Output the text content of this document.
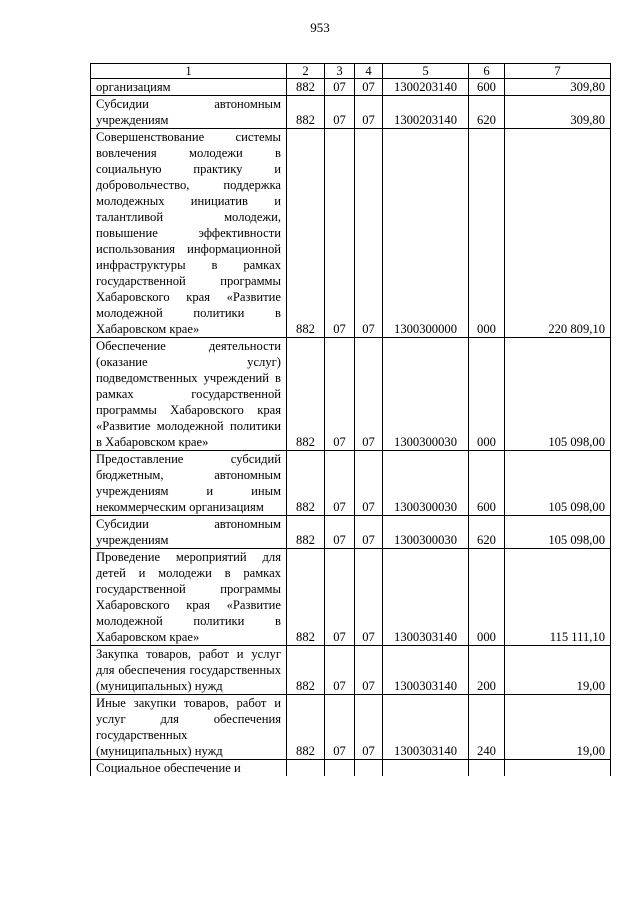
953
1	2	3	4	5	6	7
организациям	882	07	07	1300203140	600	309,80
Субсидии автономным учреждениям	882	07	07	1300203140	620	309,80
Совершенствование системы вовлечения молодежи в социальную практику и добровольчество, поддержка молодежных инициатив и талантливой молодежи, повышение эффективности использования информационной инфраструктуры в рамках государственной программы Хабаровского края «Развитие молодежной политики в Хабаровском крае»	882	07	07	1300300000	000	220 809,10
Обеспечение деятельности (оказание услуг) подведомственных учреждений в рамках государственной программы Хабаровского края «Развитие молодежной политики в Хабаровском крае»	882	07	07	1300300030	000	105 098,00
Предоставление субсидий бюджетным, автономным учреждениям и иным некоммерческим организациям	882	07	07	1300300030	600	105 098,00
Субсидии автономным учреждениям	882	07	07	1300300030	620	105 098,00
Проведение мероприятий для детей и молодежи в рамках государственной программы Хабаровского края «Развитие молодежной политики в Хабаровском крае»	882	07	07	1300303140	000	115 111,10
Закупка товаров, работ и услуг для обеспечения государственных (муниципальных) нужд	882	07	07	1300303140	200	19,00
Иные закупки товаров, работ и услуг для обеспечения государственных (муниципальных) нужд	882	07	07	1300303140	240	19,00
Социальное обеспечение и						
